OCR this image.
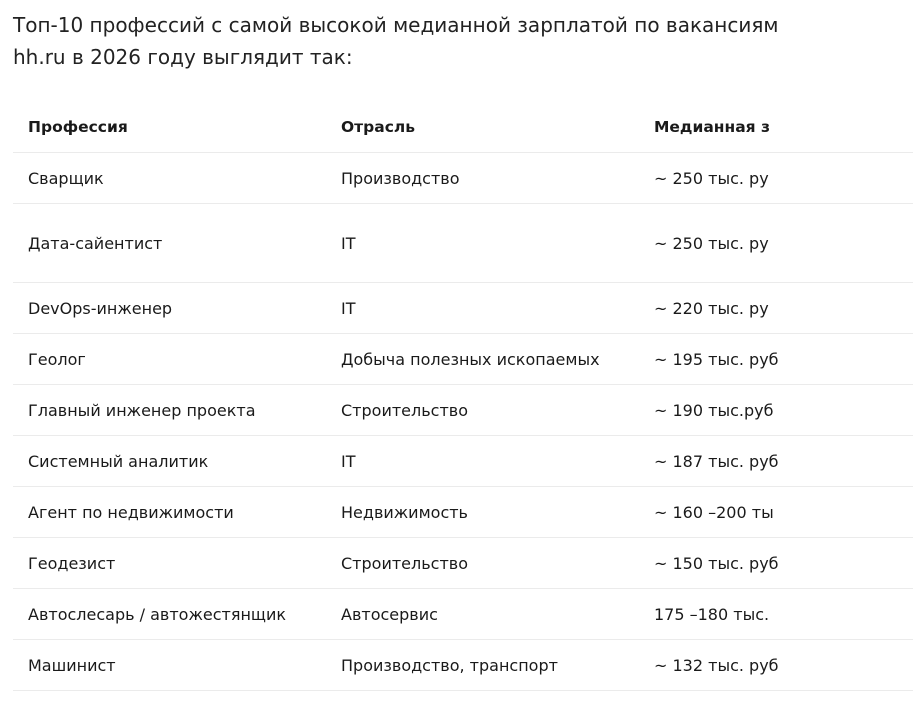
Топ-10 профессий с самой высокой медианной зарплатой по вакансиям hh.ru в 2026 году выглядит так:

Профессия	Отрасль	Медианная з
Сварщик	Производство	~ 250 тыс. ру
Дата-сайентист	IT	~ 250 тыс. ру
DevOps-инженер	IT	~ 220 тыс. ру
Геолог	Добыча полезных ископаемых	~ 195 тыс. руб
Главный инженер проекта	Строительство	~ 190 тыс.руб
Системный аналитик	IT	~ 187 тыс. руб
Агент по недвижимости	Недвижимость	~ 160 –200 ты
Геодезист	Строительство	~ 150 тыс. руб
Автослесарь / автожестянщик	Автосервис	175 –180 тыс.
Машинист	Производство, транспорт	~ 132 тыс. руб
